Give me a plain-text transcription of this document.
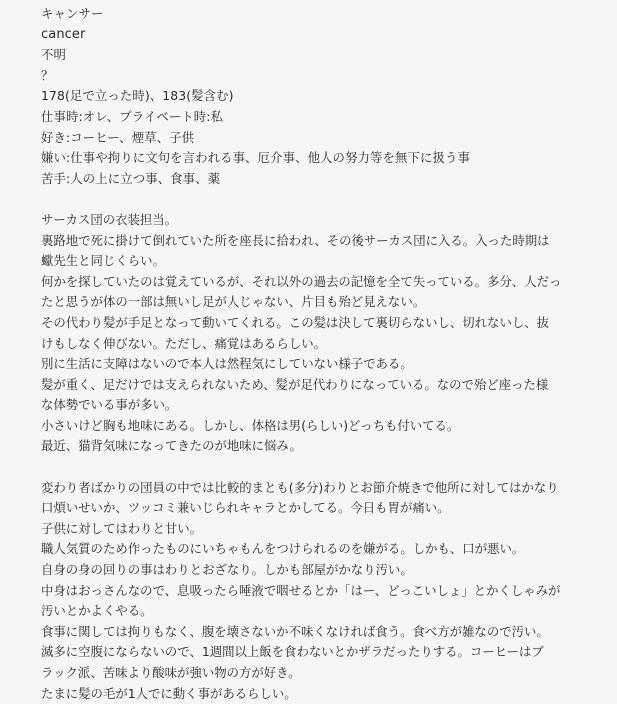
キャンサー
cancer
不明
？
178(足で立った時)、183(髪含む)
仕事時:オレ、プライベート時:私
好き:コーヒー、煙草、子供
嫌い:仕事や拘りに文句を言われる事、厄介事、他人の努力等を無下に扱う事
苦手:人の上に立つ事、食事、薬
サーカス団の衣装担当。
裏路地で死に掛けて倒れていた所を座長に拾われ、その後サーカス団に入る。入った時期は
蠍先生と同じくらい。
何かを探していたのは覚えているが、それ以外の過去の記憶を全て失っている。多分、人だっ
たと思うが体の一部は無いし足が人じゃない、片目も殆ど見えない。
その代わり髪が手足となって動いてくれる。この髪は決して裏切らないし、切れないし、抜
けもしなく伸びない。ただし、痛覚はあるらしい。
別に生活に支障はないので本人は然程気にしていない様子である。
髪が重く、足だけでは支えられないため、髪が足代わりになっている。なので殆ど座った様
な体勢でいる事が多い。
小さいけど胸も地味にある。しかし、体格は男(らしい)どっちも付いてる。
最近、猫背気味になってきたのが地味に悩み。
変わり者ばかりの団員の中では比較的まとも(多分)わりとお節介焼きで他所に対してはかなり
口煩いせいか、ツッコミ兼いじられキャラとかしてる。今日も胃が痛い。
子供に対してはわりと甘い。
職人気質のため作ったものにいちゃもんをつけられるのを嫌がる。しかも、口が悪い。
自身の身の回りの事はわりとおざなり。しかも部屋がかなり汚い。
中身はおっさんなので、息吸ったら唾液で咽せるとか「はー、どっこいしょ」とかくしゃみが
汚いとかよくやる。
食事に関しては拘りもなく、腹を壊さないか不味くなければ食う。食べ方が雑なので汚い。
滅多に空腹にならないので、1週間以上飯を食わないとかザラだったりする。コーヒーはブ
ラック派、苦味より酸味が強い物の方が好き。
たまに髪の毛が1人でに動く事があるらしい。
